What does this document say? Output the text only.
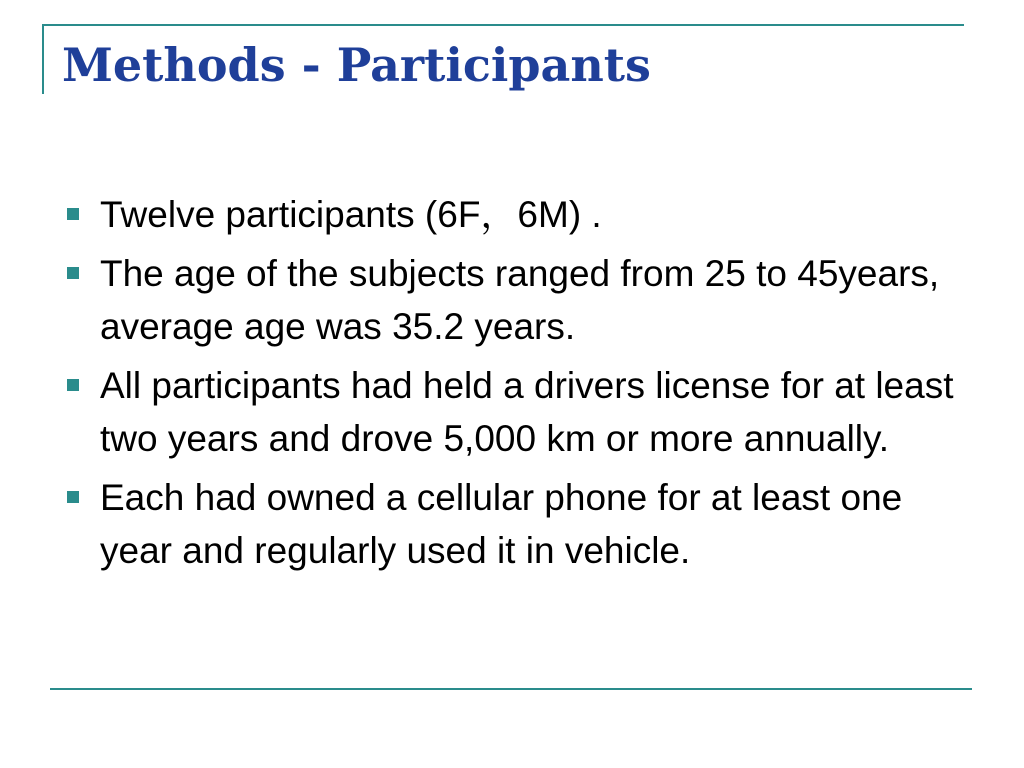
Methods - Participants
Twelve participants (6F，6M) .
The age of the subjects ranged from 25 to 45years, average age was 35.2 years.
All participants had held a drivers license for at least two years and drove 5,000 km or more annually.
Each had owned a cellular phone for at least one year and regularly used it in vehicle.
